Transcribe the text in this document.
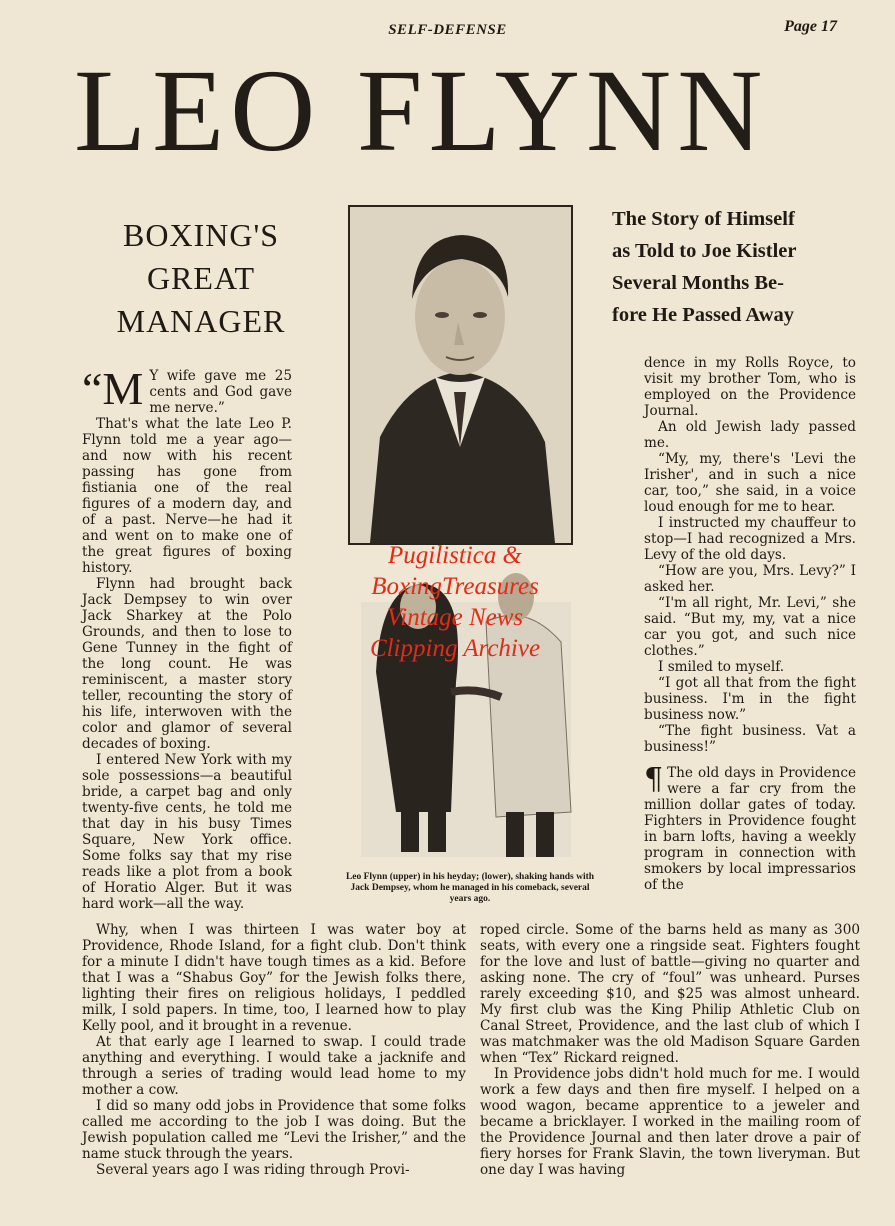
SELF-DEFENSE	Page 17
LEO FLYNN
BOXING'S
GREAT
MANAGER
The Story of Himself
as Told to Joe Kistler
Several Months Be-
fore He Passed Away
Pugilistica &
BoxingTreasures
Vintage News
Clipping Archive
Leo Flynn (upper) in his heyday; (lower), shaking hands with Jack Dempsey, whom he managed in his comeback, several years ago.

“M Y wife gave me 25 cents and God gave me nerve.”

That's what the late Leo P. Flynn told me a year ago—and now with his recent passing has gone from fistiania one of the real figures of a modern day, and of a past. Nerve—he had it and went on to make one of the great figures of boxing history.

Flynn had brought back Jack Dempsey to win over Jack Sharkey at the Polo Grounds, and then to lose to Gene Tunney in the fight of the long count. He was reminiscent, a master story teller, recounting the story of his life, interwoven with the color and glamor of several decades of boxing.

I entered New York with my sole possessions—a beautiful bride, a carpet bag and only twenty-five cents, he told me that day in his busy Times Square, New York office. Some folks say that my rise reads like a plot from a book of Horatio Alger. But it was hard work—all the way.

dence in my Rolls Royce, to visit my brother Tom, who is employed on the Providence Journal.

An old Jewish lady passed me.

“My, my, there's 'Levi the Irisher', and in such a nice car, too,” she said, in a voice loud enough for me to hear.

I instructed my chauffeur to stop—I had recognized a Mrs. Levy of the old days.

“How are you, Mrs. Levy?” I asked her.

“I'm all right, Mr. Levi,” she said. “But my, my, vat a nice car you got, and such nice clothes.”

I smiled to myself.

“I got all that from the fight business. I'm in the fight business now.”

“The fight business. Vat a business!”

¶ The old days in Providence were a far cry from the million dollar gates of today. Fighters in Providence fought in barn lofts, having a weekly program in connection with smokers by local impressarios of the

Why, when I was thirteen I was water boy at Providence, Rhode Island, for a fight club. Don't think for a minute I didn't have tough times as a kid. Before that I was a “Shabus Goy” for the Jewish folks there, lighting their fires on religious holidays, I peddled milk, I sold papers. In time, too, I learned how to play Kelly pool, and it brought in a revenue.

At that early age I learned to swap. I could trade anything and everything. I would take a jacknife and through a series of trading would lead home to my mother a cow.

I did so many odd jobs in Providence that some folks called me according to the job I was doing. But the Jewish population called me “Levi the Irisher,” and the name stuck through the years.

Several years ago I was riding through Provi-

roped circle. Some of the barns held as many as 300 seats, with every one a ringside seat. Fighters fought for the love and lust of battle—giving no quarter and asking none. The cry of “foul” was unheard. Purses rarely exceeding $10, and $25 was almost unheard. My first club was the King Philip Athletic Club on Canal Street, Providence, and the last club of which I was matchmaker was the old Madison Square Garden when “Tex” Rickard reigned.

In Providence jobs didn't hold much for me. I would work a few days and then fire myself. I helped on a wood wagon, became apprentice to a jeweler and became a bricklayer. I worked in the mailing room of the Providence Journal and then later drove a pair of fiery horses for Frank Slavin, the town liveryman. But one day I was having
